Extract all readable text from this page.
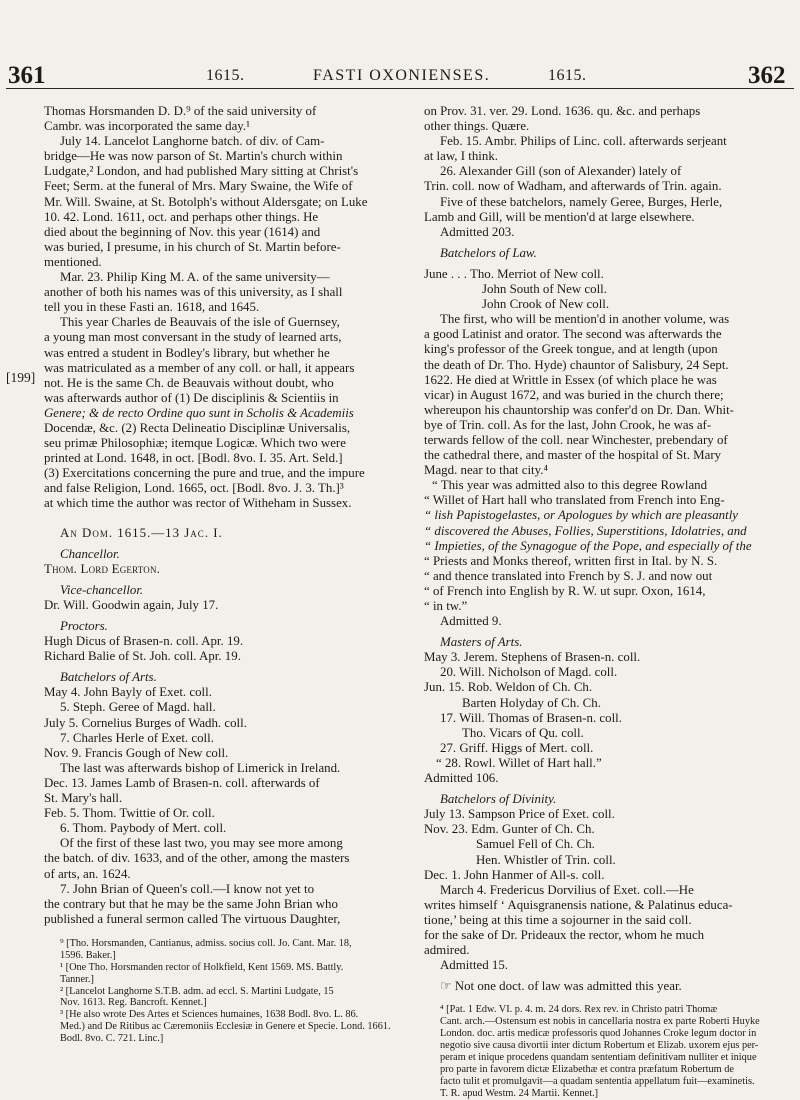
361	1615.	FASTI OXONIENSES.	1615.	362
[199]

Thomas Horsmanden D. D.⁹ of the said university of

Cambr. was incorporated the same day.¹

July 14. Lancelot Langhorne batch. of div. of Cam-

bridge—He was now parson of St. Martin's church within

Ludgate,² London, and had published Mary sitting at Christ's

Feet; Serm. at the funeral of Mrs. Mary Swaine, the Wife of

Mr. Will. Swaine, at St. Botolph's without Aldersgate; on Luke

10. 42. Lond. 1611, oct. and perhaps other things. He

died about the beginning of Nov. this year (1614) and

was buried, I presume, in his church of St. Martin before-

mentioned.

Mar. 23. Philip King M. A. of the same university—

another of both his names was of this university, as I shall

tell you in these Fasti an. 1618, and 1645.

This year Charles de Beauvais of the isle of Guernsey,

a young man most conversant in the study of learned arts,

was entred a student in Bodley's library, but whether he

was matriculated as a member of any coll. or hall, it appears

not. He is the same Ch. de Beauvais without doubt, who

was afterwards author of (1) De disciplinis & Scientiis in

Genere; & de recto Ordine quo sunt in Scholis & Academiis

Docendæ, &c. (2) Recta Delineatio Disciplinæ Universalis,

seu primæ Philosophiæ; itemque Logicæ. Which two were

printed at Lond. 1648, in oct. [Bodl. 8vo. I. 35. Art. Seld.]

(3) Exercitations concerning the pure and true, and the impure

and false Religion, Lond. 1665, oct. [Bodl. 8vo. J. 3. Th.]³

at which time the author was rector of Witheham in Sussex.

An Dom. 1615.—13 Jac. I.

Chancellor.

Thom. Lord Egerton.

Vice-chancellor.

Dr. Will. Goodwin again, July 17.

Proctors.

Hugh Dicus of Brasen-n. coll. Apr. 19.

Richard Balie of St. Joh. coll. Apr. 19.

Batchelors of Arts.

May 4. John Bayly of Exet. coll.

5. Steph. Geree of Magd. hall.

July 5. Cornelius Burges of Wadh. coll.

7. Charles Herle of Exet. coll.

Nov. 9. Francis Gough of New coll.

The last was afterwards bishop of Limerick in Ireland.

Dec. 13. James Lamb of Brasen-n. coll. afterwards of

St. Mary's hall.

Feb. 5. Thom. Twittie of Or. coll.

6. Thom. Paybody of Mert. coll.

Of the first of these last two, you may see more among

the batch. of div. 1633, and of the other, among the masters

of arts, an. 1624.

7. John Brian of Queen's coll.—I know not yet to

the contrary but that he may be the same John Brian who

published a funeral sermon called The virtuous Daughter,

⁹ [Tho. Horsmanden, Cantianus, admiss. socius coll. Jo. Cant. Mar. 18,

1596. Baker.]

¹ [One Tho. Horsmanden rector of Holkfield, Kent 1569. MS. Battly.

Tanner.]

² [Lancelot Langhorne S.T.B. adm. ad eccl. S. Martini Ludgate, 15

Nov. 1613. Reg. Bancroft. Kennet.]

³ [He also wrote Des Artes et Sciences humaines, 1638 Bodl. 8vo. L. 86.

Med.) and De Ritibus ac Cæremoniis Ecclesiæ in Genere et Specie. Lond. 1661.

Bodl. 8vo. C. 721. Linc.]

on Prov. 31. ver. 29. Lond. 1636. qu. &c. and perhaps

other things. Quære.

Feb. 15. Ambr. Philips of Linc. coll. afterwards serjeant

at law, I think.

26. Alexander Gill (son of Alexander) lately of

Trin. coll. now of Wadham, and afterwards of Trin. again.

Five of these batchelors, namely Geree, Burges, Herle,

Lamb and Gill, will be mention'd at large elsewhere.

Admitted 203.

Batchelors of Law.

June . . . Tho. Merriot of New coll.

John South of New coll.

John Crook of New coll.

The first, who will be mention'd in another volume, was

a good Latinist and orator. The second was afterwards the

king's professor of the Greek tongue, and at length (upon

the death of Dr. Tho. Hyde) chauntor of Salisbury, 24 Sept.

1622. He died at Writtle in Essex (of which place he was

vicar) in August 1672, and was buried in the church there;

whereupon his chauntorship was confer'd on Dr. Dan. Whit-

bye of Trin. coll. As for the last, John Crook, he was af-

terwards fellow of the coll. near Winchester, prebendary of

the cathedral there, and master of the hospital of St. Mary

Magd. near to that city.⁴

“ This year was admitted also to this degree Rowland

“ Willet of Hart hall who translated from French into Eng-

“ lish Papistogelastes, or Apologues by which are pleasantly

“ discovered the Abuses, Follies, Superstitions, Idolatries, and

“ Impieties, of the Synagogue of the Pope, and especially of the

“ Priests and Monks thereof, written first in Ital. by N. S.

“ and thence translated into French by S. J. and now out

“ of French into English by R. W. ut supr. Oxon, 1614,

“ in tw.”

Admitted 9.

Masters of Arts.

May 3. Jerem. Stephens of Brasen-n. coll.

20. Will. Nicholson of Magd. coll.

Jun. 15. Rob. Weldon of Ch. Ch.

Barten Holyday of Ch. Ch.

17. Will. Thomas of Brasen-n. coll.

Tho. Vicars of Qu. coll.

27. Griff. Higgs of Mert. coll.

“ 28. Rowl. Willet of Hart hall.”

Admitted 106.

Batchelors of Divinity.

July 13. Sampson Price of Exet. coll.

Nov. 23. Edm. Gunter of Ch. Ch.

Samuel Fell of Ch. Ch.

Hen. Whistler of Trin. coll.

Dec. 1. John Hanmer of All-s. coll.

March 4. Fredericus Dorvilius of Exet. coll.—He

writes himself ‘ Aquisgranensis natione, & Palatinus educa-

tione,’ being at this time a sojourner in the said coll.

for the sake of Dr. Prideaux the rector, whom he much

admired.

Admitted 15.

☞ Not one doct. of law was admitted this year.

⁴ [Pat. 1 Edw. VI. p. 4. m. 24 dors. Rex rev. in Christo patri Thomæ

Cant. arch.—Ostensum est nobis in cancellaria nostra ex parte Roberti Huyke

London. doc. artis medicæ professoris quod Johannes Croke legum doctor in

negotio sive causa divortii inter dictum Robertum et Elizab. uxorem ejus per-

peram et inique procedens quandam sententiam definitivam nulliter et inique

pro parte in favorem dictæ Elizabethæ et contra præfatum Robertum de

facto tulit et promulgavit—a quadam sententia appellatum fuit—examinetis.

T. R. apud Westm. 24 Martii. Kennet.]
